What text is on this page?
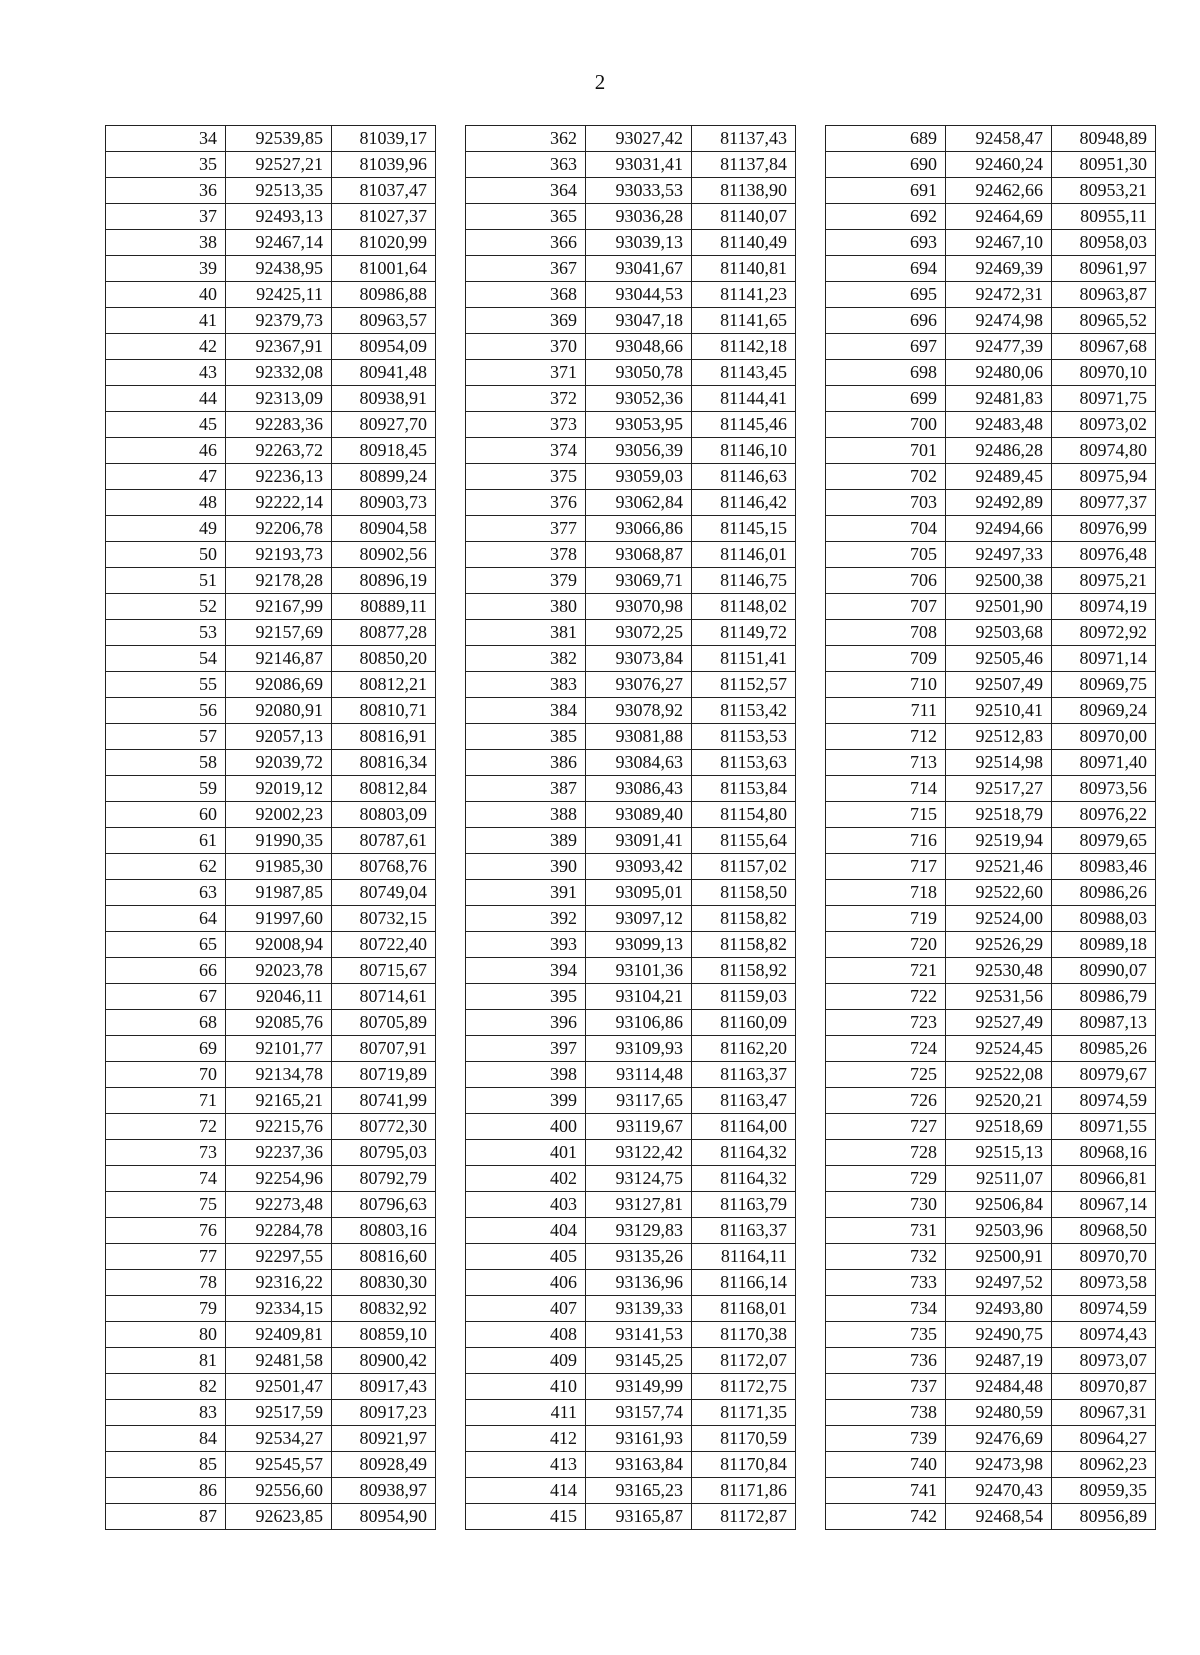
2
34	92539,85	81039,17
35	92527,21	81039,96
36	92513,35	81037,47
37	92493,13	81027,37
38	92467,14	81020,99
39	92438,95	81001,64
40	92425,11	80986,88
41	92379,73	80963,57
42	92367,91	80954,09
43	92332,08	80941,48
44	92313,09	80938,91
45	92283,36	80927,70
46	92263,72	80918,45
47	92236,13	80899,24
48	92222,14	80903,73
49	92206,78	80904,58
50	92193,73	80902,56
51	92178,28	80896,19
52	92167,99	80889,11
53	92157,69	80877,28
54	92146,87	80850,20
55	92086,69	80812,21
56	92080,91	80810,71
57	92057,13	80816,91
58	92039,72	80816,34
59	92019,12	80812,84
60	92002,23	80803,09
61	91990,35	80787,61
62	91985,30	80768,76
63	91987,85	80749,04
64	91997,60	80732,15
65	92008,94	80722,40
66	92023,78	80715,67
67	92046,11	80714,61
68	92085,76	80705,89
69	92101,77	80707,91
70	92134,78	80719,89
71	92165,21	80741,99
72	92215,76	80772,30
73	92237,36	80795,03
74	92254,96	80792,79
75	92273,48	80796,63
76	92284,78	80803,16
77	92297,55	80816,60
78	92316,22	80830,30
79	92334,15	80832,92
80	92409,81	80859,10
81	92481,58	80900,42
82	92501,47	80917,43
83	92517,59	80917,23
84	92534,27	80921,97
85	92545,57	80928,49
86	92556,60	80938,97
87	92623,85	80954,90
362	93027,42	81137,43
363	93031,41	81137,84
364	93033,53	81138,90
365	93036,28	81140,07
366	93039,13	81140,49
367	93041,67	81140,81
368	93044,53	81141,23
369	93047,18	81141,65
370	93048,66	81142,18
371	93050,78	81143,45
372	93052,36	81144,41
373	93053,95	81145,46
374	93056,39	81146,10
375	93059,03	81146,63
376	93062,84	81146,42
377	93066,86	81145,15
378	93068,87	81146,01
379	93069,71	81146,75
380	93070,98	81148,02
381	93072,25	81149,72
382	93073,84	81151,41
383	93076,27	81152,57
384	93078,92	81153,42
385	93081,88	81153,53
386	93084,63	81153,63
387	93086,43	81153,84
388	93089,40	81154,80
389	93091,41	81155,64
390	93093,42	81157,02
391	93095,01	81158,50
392	93097,12	81158,82
393	93099,13	81158,82
394	93101,36	81158,92
395	93104,21	81159,03
396	93106,86	81160,09
397	93109,93	81162,20
398	93114,48	81163,37
399	93117,65	81163,47
400	93119,67	81164,00
401	93122,42	81164,32
402	93124,75	81164,32
403	93127,81	81163,79
404	93129,83	81163,37
405	93135,26	81164,11
406	93136,96	81166,14
407	93139,33	81168,01
408	93141,53	81170,38
409	93145,25	81172,07
410	93149,99	81172,75
411	93157,74	81171,35
412	93161,93	81170,59
413	93163,84	81170,84
414	93165,23	81171,86
415	93165,87	81172,87
689	92458,47	80948,89
690	92460,24	80951,30
691	92462,66	80953,21
692	92464,69	80955,11
693	92467,10	80958,03
694	92469,39	80961,97
695	92472,31	80963,87
696	92474,98	80965,52
697	92477,39	80967,68
698	92480,06	80970,10
699	92481,83	80971,75
700	92483,48	80973,02
701	92486,28	80974,80
702	92489,45	80975,94
703	92492,89	80977,37
704	92494,66	80976,99
705	92497,33	80976,48
706	92500,38	80975,21
707	92501,90	80974,19
708	92503,68	80972,92
709	92505,46	80971,14
710	92507,49	80969,75
711	92510,41	80969,24
712	92512,83	80970,00
713	92514,98	80971,40
714	92517,27	80973,56
715	92518,79	80976,22
716	92519,94	80979,65
717	92521,46	80983,46
718	92522,60	80986,26
719	92524,00	80988,03
720	92526,29	80989,18
721	92530,48	80990,07
722	92531,56	80986,79
723	92527,49	80987,13
724	92524,45	80985,26
725	92522,08	80979,67
726	92520,21	80974,59
727	92518,69	80971,55
728	92515,13	80968,16
729	92511,07	80966,81
730	92506,84	80967,14
731	92503,96	80968,50
732	92500,91	80970,70
733	92497,52	80973,58
734	92493,80	80974,59
735	92490,75	80974,43
736	92487,19	80973,07
737	92484,48	80970,87
738	92480,59	80967,31
739	92476,69	80964,27
740	92473,98	80962,23
741	92470,43	80959,35
742	92468,54	80956,89
